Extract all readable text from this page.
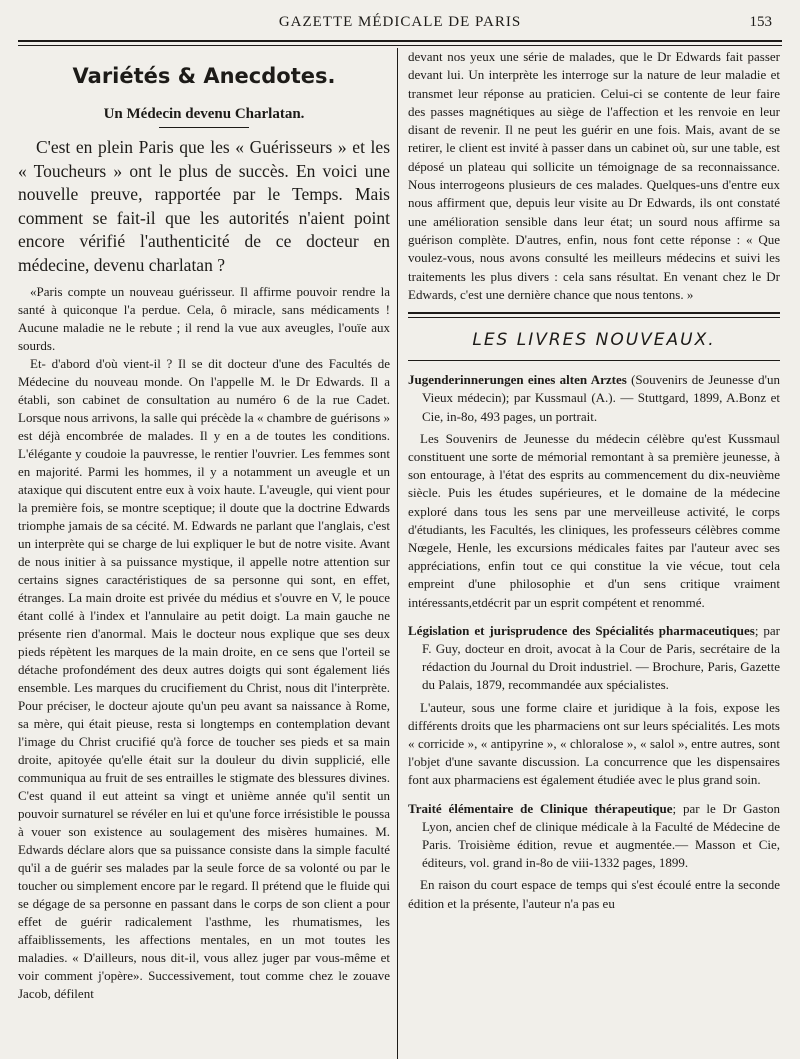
GAZETTE MÉDICALE DE PARIS	153
Variétés & Anecdotes.
Un Médecin devenu Charlatan.

C'est en plein Paris que les « Guérisseurs » et les « Toucheurs » ont le plus de succès. En voici une nouvelle preuve, rapportée par le Temps. Mais comment se fait-il que les autorités n'aient point encore vérifié l'authenticité de ce docteur en médecine, devenu charlatan ?

«Paris compte un nouveau guérisseur. Il affirme pouvoir rendre la santé à quiconque l'a perdue. Cela, ô miracle, sans médicaments ! Aucune maladie ne le rebute ; il rend la vue aux aveugles, l'ouïe aux sourds.

Et- d'abord d'où vient-il ? Il se dit docteur d'une des Facultés de Médecine du nouveau monde. On l'appelle M. le Dr Edwards. Il a établi, son cabinet de consultation au numéro 6 de la rue Cadet. Lorsque nous arrivons, la salle qui précède la « chambre de guérisons » est déjà encombrée de malades. Il y en a de toutes les conditions. L'élégante y coudoie la pauvresse, le rentier l'ouvrier. Les femmes sont en majorité. Parmi les hommes, il y a notamment un aveugle et un ataxique qui discutent entre eux à voix haute. L'aveugle, qui vient pour la première fois, se montre sceptique; il doute que la doctrine Edwards triomphe jamais de sa cécité. M. Edwards ne parlant que l'anglais, c'est un interprète qui se charge de lui expliquer le but de notre visite. Avant de nous initier à sa puissance mystique, il appelle notre attention sur certains signes caractéristiques de sa personne qui sont, en effet, étranges. La main droite est privée du médius et s'ouvre en V, le pouce étant collé à l'index et l'annulaire au petit doigt. La main gauche ne présente rien d'anormal. Mais le docteur nous explique que ses deux pieds répètent les marques de la main droite, en ce sens que l'orteil se détache profondément des deux autres doigts qui sont également liés ensemble. Les marques du crucifiement du Christ, nous dit l'interprète. Pour préciser, le docteur ajoute qu'un peu avant sa naissance à Rome, sa mère, qui était pieuse, resta si longtemps en contemplation devant l'image du Christ crucifié qu'à force de toucher ses pieds et sa main droite, apitoyée qu'elle était sur la douleur du divin supplicié, elle communiqua au fruit de ses entrailles le stigmate des blessures divines. C'est quand il eut atteint sa vingt et unième année qu'il sentit un pouvoir surnaturel se révéler en lui et qu'une force irrésistible le poussa à vouer son existence au soulagement des misères humaines. M. Edwards déclare alors que sa puissance consiste dans la simple faculté qu'il a de guérir ses malades par la seule force de sa volonté ou par le toucher ou simplement encore par le regard. Il prétend que le fluide qui se dégage de sa personne en passant dans le corps de son client a pour effet de guérir radicalement l'asthme, les rhumatismes, les affaiblissements, les affections mentales, en un mot toutes les maladies. « D'ailleurs, nous dit-il, vous allez juger par vous-même et voir comment j'opère». Successivement, tout comme chez le zouave Jacob, défilent

devant nos yeux une série de malades, que le Dr Edwards fait passer devant lui. Un interprète les interroge sur la nature de leur maladie et transmet leur réponse au praticien. Celui-ci se contente de leur faire des passes magnétiques au siège de l'affection et les renvoie en leur disant de revenir. Il ne peut les guérir en une fois. Mais, avant de se retirer, le client est invité à passer dans un cabinet où, sur une table, est déposé un plateau qui sollicite un témoignage de sa reconnaissance. Nous interrogeons plusieurs de ces malades. Quelques-uns d'entre eux nous affirment que, depuis leur visite au Dr Edwards, ils ont constaté une amélioration sensible dans leur état; un sourd nous affirme sa guérison complète. D'autres, enfin, nous font cette réponse : « Que voulez-vous, nous avons consulté les meilleurs médecins et suivi les traitements les plus divers : cela sans résultat. En venant chez le Dr Edwards, c'est une dernière chance que nous tentons. »

LES LIVRES NOUVEAUX.
Jugenderinnerungen eines alten Arztes (Souvenirs de Jeunesse d'un Vieux médecin); par Kussmaul (A.). — Stuttgard, 1899, A.Bonz et Cie, in-8o, 493 pages, un portrait.

Les Souvenirs de Jeunesse du médecin célèbre qu'est Kussmaul constituent une sorte de mémorial remontant à sa première jeunesse, à son entourage, à l'état des esprits au commencement du dix-neuvième siècle. Puis les études supérieures, et le domaine de la médecine exploré dans tous les sens par une merveilleuse activité, le corps d'étudiants, les Facultés, les cliniques, les professeurs célèbres comme Nœgele, Henle, les excursions médicales faites par l'auteur avec ses appréciations, enfin tout ce qui constitue la vie vécue, tout cela empreint d'une philosophie et d'un sens critique vraiment intéressants,etdécrit par un esprit compétent et renommé.

Législation et jurisprudence des Spécialités pharmaceutiques; par F. Guy, docteur en droit, avocat à la Cour de Paris, secrétaire de la rédaction du Journal du Droit industriel. — Brochure, Paris, Gazette du Palais, 1879, recommandée aux spécialistes.

L'auteur, sous une forme claire et juridique à la fois, expose les différents droits que les pharmaciens ont sur leurs spécialités. Les mots « corricide », « antipyrine », « chloralose », « salol », entre autres, sont l'objet d'une savante discussion. La concurrence que les dispensaires font aux pharmaciens est également étudiée avec le plus grand soin.

Traité élémentaire de Clinique thérapeutique; par le Dr Gaston Lyon, ancien chef de clinique médicale à la Faculté de Médecine de Paris. Troisième édition, revue et augmentée.— Masson et Cie, éditeurs, vol. grand in-8o de viii-1332 pages, 1899.

En raison du court espace de temps qui s'est écoulé entre la seconde édition et la présente, l'auteur n'a pas eu
